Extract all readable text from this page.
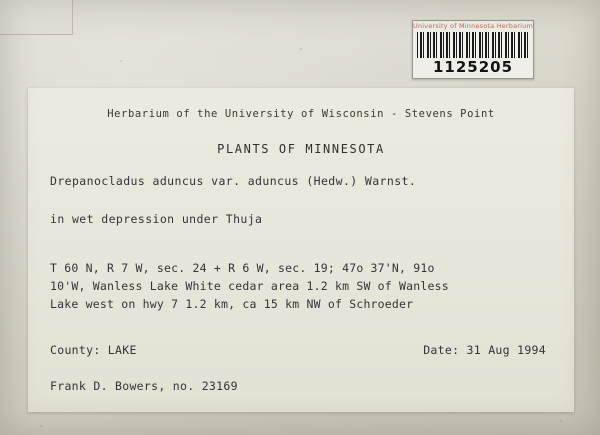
University of Minnesota Herbarium
1125205
Herbarium of the University of Wisconsin - Stevens Point
PLANTS OF MINNESOTA
Drepanocladus aduncus var. aduncus (Hedw.) Warnst.
in wet depression under Thuja
T 60 N, R 7 W, sec. 24 + R 6 W, sec. 19; 47o 37'N, 91o
10'W, Wanless Lake White cedar area 1.2 km SW of Wanless
Lake west on hwy 7 1.2 km, ca 15 km NW of Schroeder
County: LAKE	Date: 31 Aug 1994
Frank D. Bowers, no. 23169
